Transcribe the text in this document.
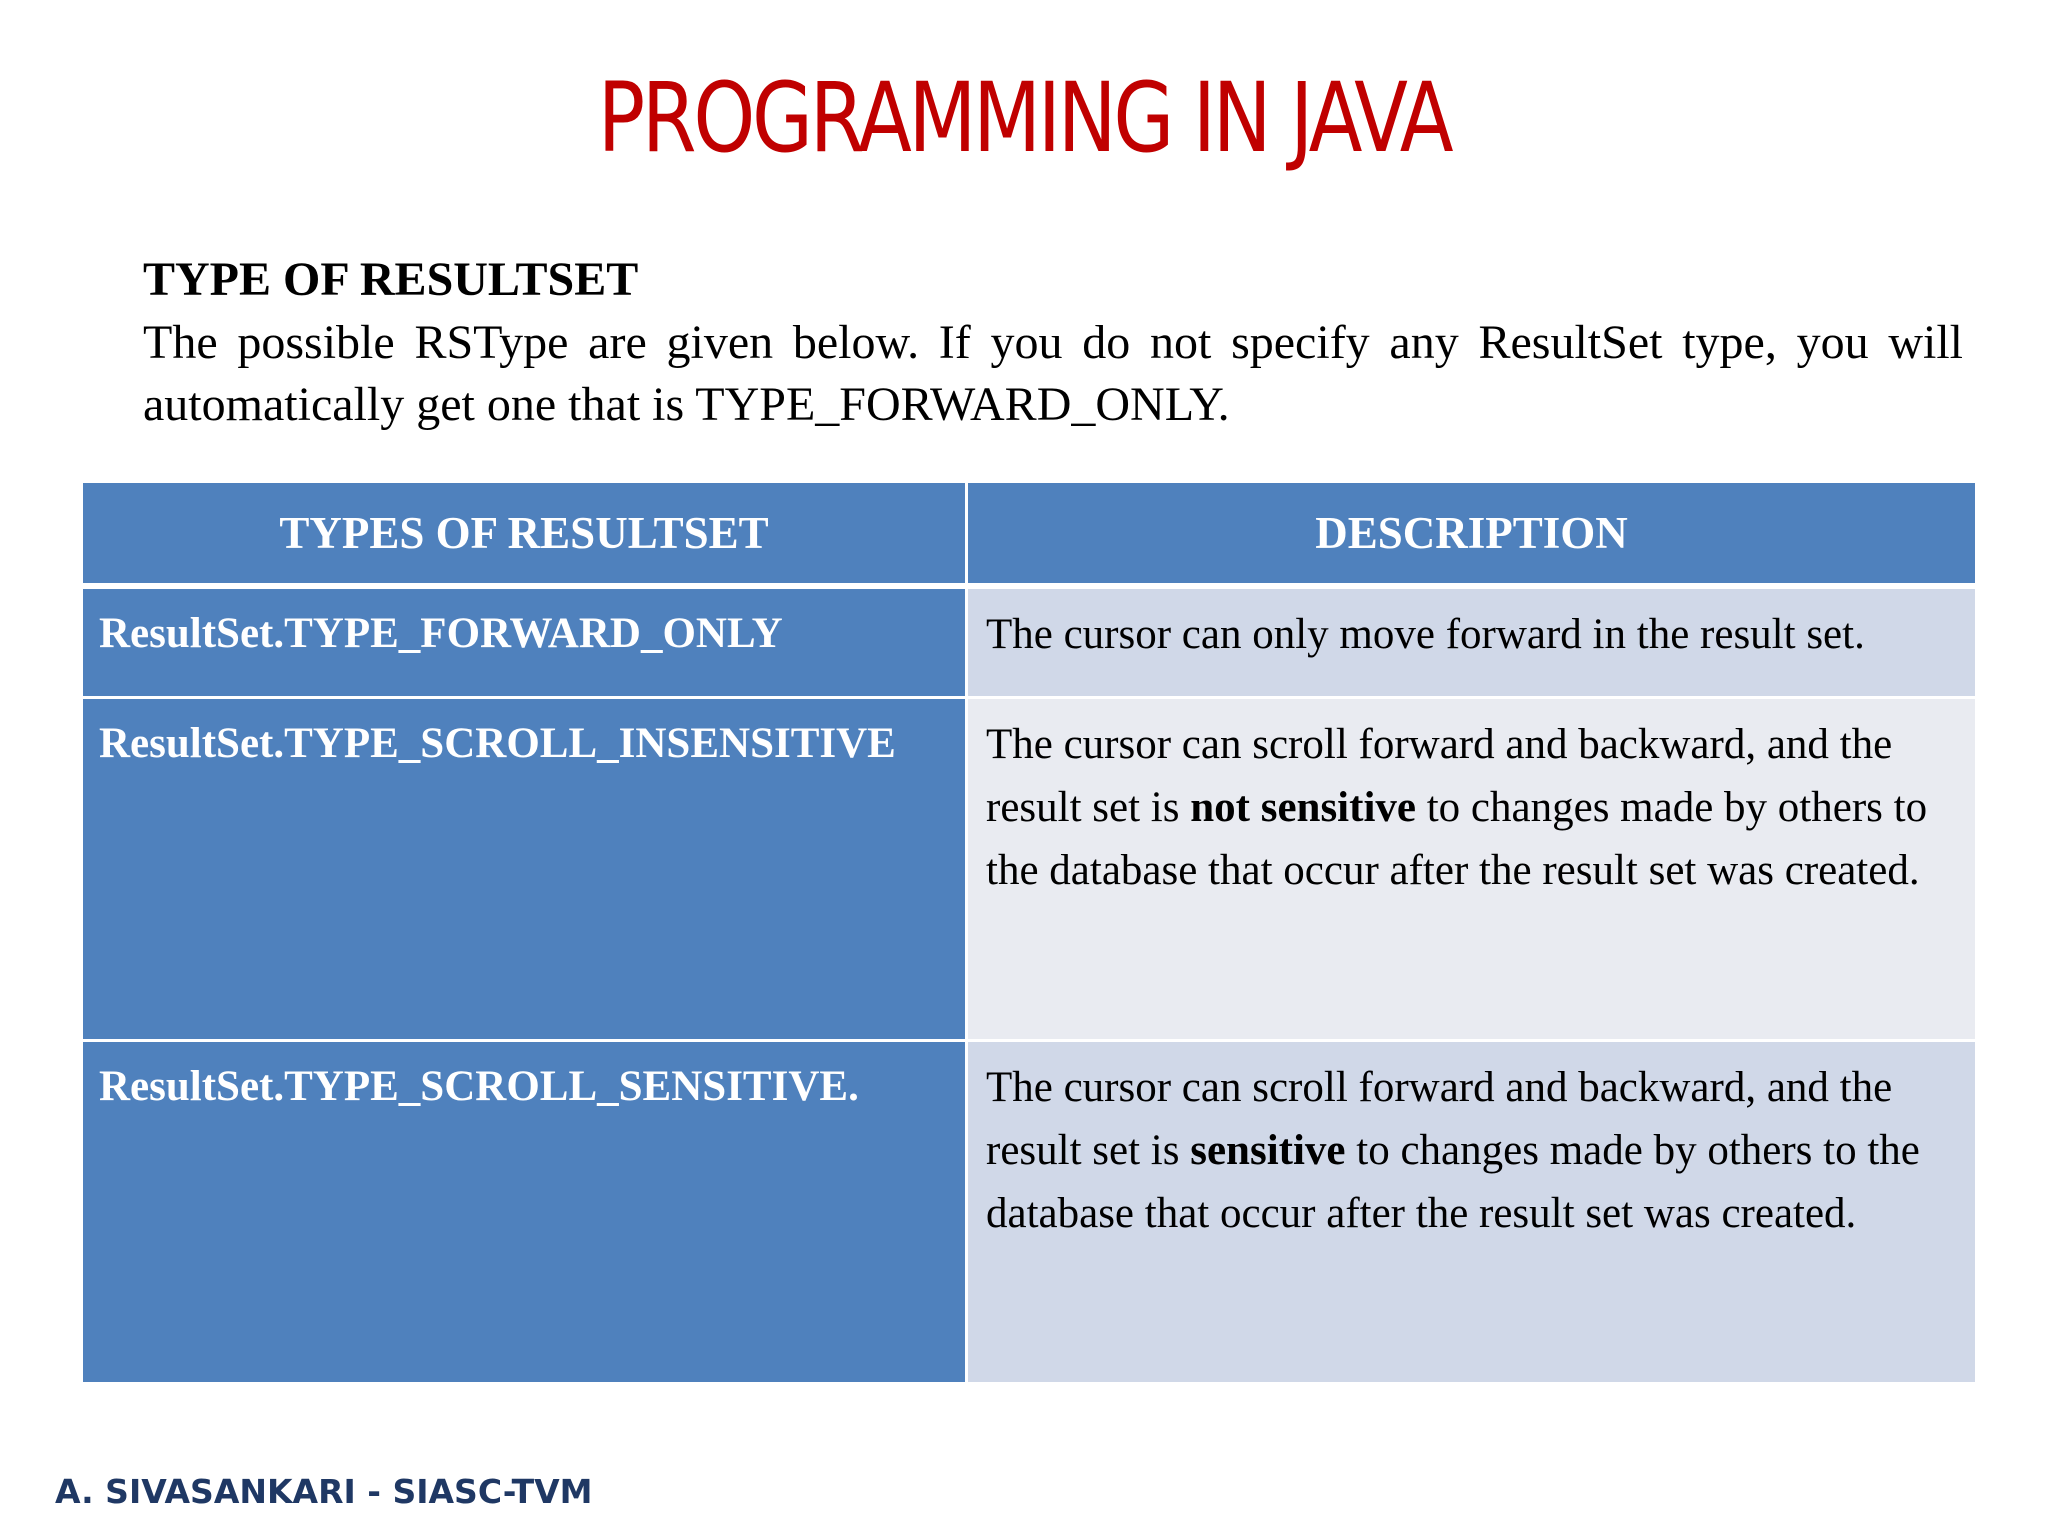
PROGRAMMING IN JAVA
TYPE OF RESULTSET
The possible RSType are given below. If you do not specify any ResultSet type, you will automatically get one that is TYPE_FORWARD_ONLY.
TYPES OF RESULTSET	DESCRIPTION
ResultSet.TYPE_FORWARD_ONLY	The cursor can only move forward in the result set.
ResultSet.TYPE_SCROLL_INSENSITIVE	The cursor can scroll forward and backward, and the result set is not sensitive to changes made by others to the database that occur after the result set was created.
ResultSet.TYPE_SCROLL_SENSITIVE.	The cursor can scroll forward and backward, and the result set is sensitive to changes made by others to the database that occur after the result set was created.
A. SIVASANKARI - SIASC-TVM
